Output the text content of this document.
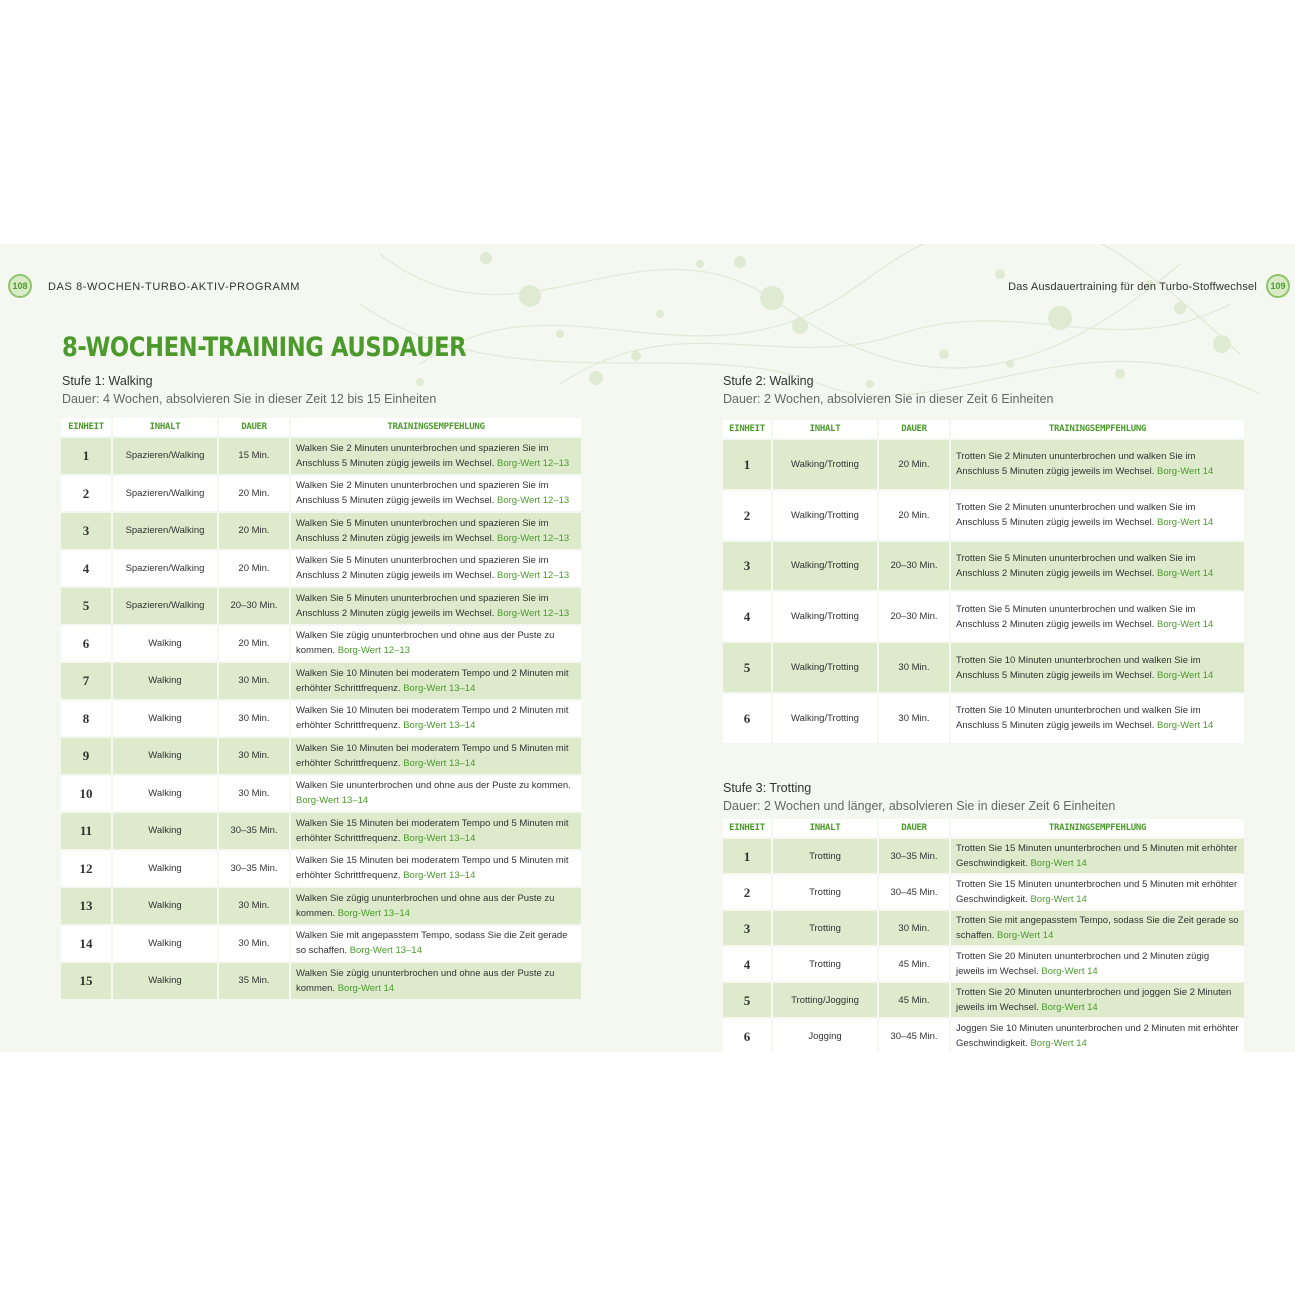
108	DAS 8-WOCHEN-TURBO-AKTIV-PROGRAMM	Das Ausdauertraining für den Turbo-Stoffwechsel	109
8-WOCHEN-TRAINING AUSDAUER
Stufe 1: Walking
Dauer: 4 Wochen, absolvieren Sie in dieser Zeit 12 bis 15 Einheiten
EINHEIT	INHALT	DAUER	TRAININGSEMPFEHLUNG
1	Spazieren/Walking	15 Min.	Walken Sie 2 Minuten ununterbrochen und spazieren Sie im Anschluss 5 Minuten zügig jeweils im Wechsel. Borg-Wert 12–13
2	Spazieren/Walking	20 Min.	Walken Sie 2 Minuten ununterbrochen und spazieren Sie im Anschluss 5 Minuten zügig jeweils im Wechsel. Borg-Wert 12–13
3	Spazieren/Walking	20 Min.	Walken Sie 5 Minuten ununterbrochen und spazieren Sie im Anschluss 2 Minuten zügig jeweils im Wechsel. Borg-Wert 12–13
4	Spazieren/Walking	20 Min.	Walken Sie 5 Minuten ununterbrochen und spazieren Sie im Anschluss 2 Minuten zügig jeweils im Wechsel. Borg-Wert 12–13
5	Spazieren/Walking	20–30 Min.	Walken Sie 5 Minuten ununterbrochen und spazieren Sie im Anschluss 2 Minuten zügig jeweils im Wechsel. Borg-Wert 12–13
6	Walking	20 Min.	Walken Sie zügig ununterbrochen und ohne aus der Puste zu kommen. Borg-Wert 12–13
7	Walking	30 Min.	Walken Sie 10 Minuten bei moderatem Tempo und 2 Minuten mit erhöhter Schrittfrequenz. Borg-Wert 13–14
8	Walking	30 Min.	Walken Sie 10 Minuten bei moderatem Tempo und 2 Minuten mit erhöhter Schrittfrequenz. Borg-Wert 13–14
9	Walking	30 Min.	Walken Sie 10 Minuten bei moderatem Tempo und 5 Minuten mit erhöhter Schrittfrequenz. Borg-Wert 13–14
10	Walking	30 Min.	Walken Sie ununterbrochen und ohne aus der Puste zu kommen. Borg-Wert 13–14
11	Walking	30–35 Min.	Walken Sie 15 Minuten bei moderatem Tempo und 5 Minuten mit erhöhter Schrittfrequenz. Borg-Wert 13–14
12	Walking	30–35 Min.	Walken Sie 15 Minuten bei moderatem Tempo und 5 Minuten mit erhöhter Schrittfrequenz. Borg-Wert 13–14
13	Walking	30 Min.	Walken Sie zügig ununterbrochen und ohne aus der Puste zu kommen. Borg-Wert 13–14
14	Walking	30 Min.	Walken Sie mit angepasstem Tempo, sodass Sie die Zeit gerade so schaffen. Borg-Wert 13–14
15	Walking	35 Min.	Walken Sie zügig ununterbrochen und ohne aus der Puste zu kommen. Borg-Wert 14
Stufe 2: Walking
Dauer: 2 Wochen, absolvieren Sie in dieser Zeit 6 Einheiten
EINHEIT	INHALT	DAUER	TRAININGSEMPFEHLUNG
1	Walking/Trotting	20 Min.	Trotten Sie 2 Minuten ununterbrochen und walken Sie im Anschluss 5 Minuten zügig jeweils im Wechsel. Borg-Wert 14
2	Walking/Trotting	20 Min.	Trotten Sie 2 Minuten ununterbrochen und walken Sie im Anschluss 5 Minuten zügig jeweils im Wechsel. Borg-Wert 14
3	Walking/Trotting	20–30 Min.	Trotten Sie 5 Minuten ununterbrochen und walken Sie im Anschluss 2 Minuten zügig jeweils im Wechsel. Borg-Wert 14
4	Walking/Trotting	20–30 Min.	Trotten Sie 5 Minuten ununterbrochen und walken Sie im Anschluss 2 Minuten zügig jeweils im Wechsel. Borg-Wert 14
5	Walking/Trotting	30 Min.	Trotten Sie 10 Minuten ununterbrochen und walken Sie im Anschluss 5 Minuten zügig jeweils im Wechsel. Borg-Wert 14
6	Walking/Trotting	30 Min.	Trotten Sie 10 Minuten ununterbrochen und walken Sie im Anschluss 5 Minuten zügig jeweils im Wechsel. Borg-Wert 14
Stufe 3: Trotting
Dauer: 2 Wochen und länger, absolvieren Sie in dieser Zeit 6 Einheiten
EINHEIT	INHALT	DAUER	TRAININGSEMPFEHLUNG
1	Trotting	30–35 Min.	Trotten Sie 15 Minuten ununterbrochen und 5 Minuten mit erhöhter Geschwindigkeit. Borg-Wert 14
2	Trotting	30–45 Min.	Trotten Sie 15 Minuten ununterbrochen und 5 Minuten mit erhöhter Geschwindigkeit. Borg-Wert 14
3	Trotting	30 Min.	Trotten Sie mit angepasstem Tempo, sodass Sie die Zeit gerade so schaffen. Borg-Wert 14
4	Trotting	45 Min.	Trotten Sie 20 Minuten ununterbrochen und 2 Minuten zügig jeweils im Wechsel. Borg-Wert 14
5	Trotting/Jogging	45 Min.	Trotten Sie 20 Minuten ununterbrochen und joggen Sie 2 Minuten jeweils im Wechsel. Borg-Wert 14
6	Jogging	30–45 Min.	Joggen Sie 10 Minuten ununterbrochen und 2 Minuten mit erhöhter Geschwindigkeit. Borg-Wert 14
